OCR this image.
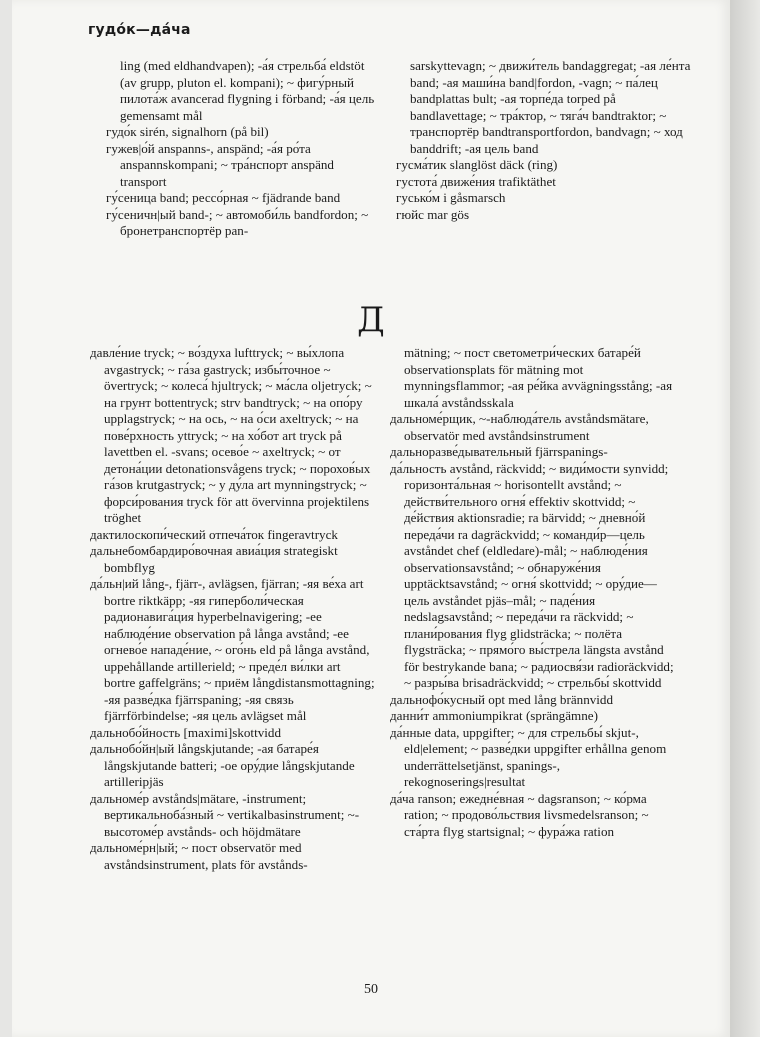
гудо́к—да́ча

ling (med eldhandvapen); -а́я стрельба́ eldstöt (av grupp, pluton el. kompani); ~ фигу́рный пилота́ж avancerad flygning i förband; -а́я цель gemensamt mål

гудо́к sirén, signalhorn (på bil)

гужев|о́й anspanns-, anspänd; -а́я ро́та anspannskompani; ~ тра́нспорт anspänd transport

гу́сеница band; рессо́рная ~ fjädrande band

гу́сеничн|ый band-; ~ автомоби́ль bandfordon; ~ бронетранспортёр pan-

sarskyttevagn; ~ движи́тель bandaggregat; -ая ле́нта band; -ая маши́на band|fordon, -vagn; ~ па́лец bandplattas bult; -ая торпе́да torped på bandlavettage; ~ тра́ктор, ~ тяга́ч bandtraktor; ~ транспортёр bandtransportfordon, bandvagn; ~ ход banddrift; -ая цель band

гусма́тик slanglöst däck (ring)

густота́ движе́ния trafiktäthet

гусько́м i gåsmarsch

гюйс mar gös

Д

давле́ние tryck; ~ во́здуха lufttryck; ~ вы́хлопа avgastryck; ~ га́за gastryck; избы́точное ~ övertryck; ~ колеса́ hjultryck; ~ ма́сла oljetryck; ~ на грунт bottentryck; strv bandtryck; ~ на опо́ру upplagstryck; ~ на ось, ~ на о́си axeltryck; ~ на пове́рхность yttryck; ~ на хо́бот art tryck på lavettben el. -svans; осево́е ~ axeltryck; ~ от детона́ции detonationsvågens tryck; ~ порохов́ых га́зов krutgastryck; ~ у ду́ла art mynningstryck; ~ форси́рования tryck för att övervinna projektilens tröghet

дактилоскопи́ческий отпеча́ток fingeravtryck

дальнебомбардиро́вочная авиа́ция strategiskt bombflyg

да́льн|ий lång-, fjärr-, avlägsen, fjärran; -яя ве́ха art bortre riktkäpp; -яя гипербoли́ческая радионавига́ция hyperbelnavigering; -ее наблюде́ние observation på långa avstånd; -ее огнево́е нападе́ние, ~ ого́нь eld på långa avstånd, uppehållande artillerield; ~ преде́л ви́лки art bortre gaffelgräns; ~ приём långdistansmottagning; -яя разве́дка fjärrspaning; -яя связь fjärrförbindelse; -яя цель avlägset mål

дальнобо́йность [maximi]skottvidd

дальнобо́йн|ый långskjutande; -ая батаре́я långskjutande batteri; -ое ору́дие långskjutande artilleripjäs

дальноме́р avstånds|mätare, -instrument; вертикальноба́зный ~ vertikalbasinstrument; ~-высотоме́р avstånds- och höjdmätare

дальноме́рн|ый; ~ пост observatör med avståndsinstrument, plats för avstånds-

mätning; ~ пост светометри́ческих батаре́й observationsplats för mätning mot mynningsflammor; -ая ре́йка avvägningsstång; -ая шкала́ avståndsskala

дальноме́рщик, ~-наблюда́тель avståndsmätare, observatör med avståndsinstrument

дальноразве́дывательный fjärrspanings-

да́льность avstånd, räckvidd; ~ види́мости synvidd; горизонта́льная ~ horisontellt avstånd; ~ действи́тельного огня́ effektiv skottvidd; ~ де́йствия aktionsradie; ra bärvidd; ~ дневно́й переда́чи ra dagräckvidd; ~ команди́р—цель avståndet chef (eldledare)-mål; ~ наблюде́ния observationsavstånd; ~ обнаруже́ния upptäcktsavstånd; ~ огня́ skottvidd; ~ ору́дие—цель avståndet pjäs–mål; ~ паде́ния nedslagsavstånd; ~ переда́чи ra räckvidd; ~ плани́рования flyg glidsträcka; ~ полёта flygsträcka; ~ прямо́го вы́стрела längsta avstånd för bestrykande bana; ~ радиосвя́зи radioräckvidd; ~ разры́ва brisadräckvidd; ~ стрельбы́ skottvidd

дальнофо́кусный opt med lång brännvidd

данни́т ammoniumpikrat (sprängämne)

да́нные data, uppgifter; ~ для стрельбы́ skjut-, eld|element; ~ разве́дки uppgifter erhållna genom underrättelsetjänst, spanings-, rekognoserings|resultat

да́ча ranson; ежедне́вная ~ dagsranson; ~ ко́рма ration; ~ продово́льствия livsmedelsranson; ~ ста́рта flyg startsignal; ~ фура́жа ration

50
